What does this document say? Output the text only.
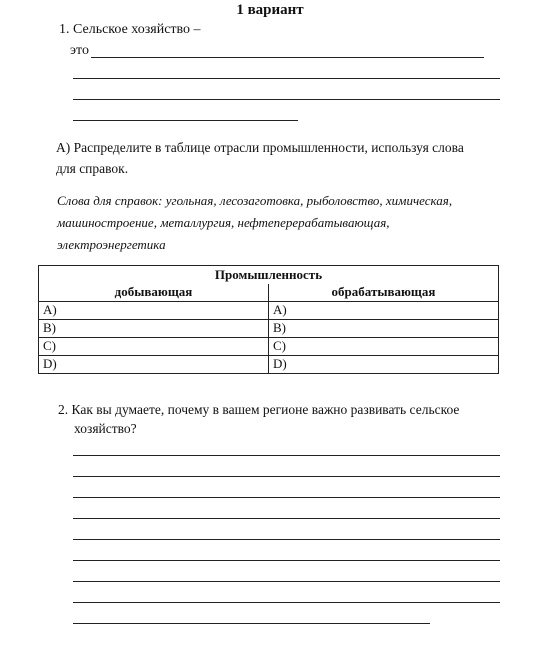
1 вариант
1. Сельское хозяйство –
это
А) Распределите в таблице отрасли промышленности, используя слова
для справок.
Слова для справок: угольная, лесозаготовка, рыболовство, химическая,
машиностроение, металлургия, нефтеперерабатывающая,
электроэнергетика
Промышленность	
добывающая	обрабатывающая
A)	A)
B)	B)
C)	C)
D)	D)
2. Как вы думаете, почему в вашем регионе важно развивать сельское
хозяйство?
